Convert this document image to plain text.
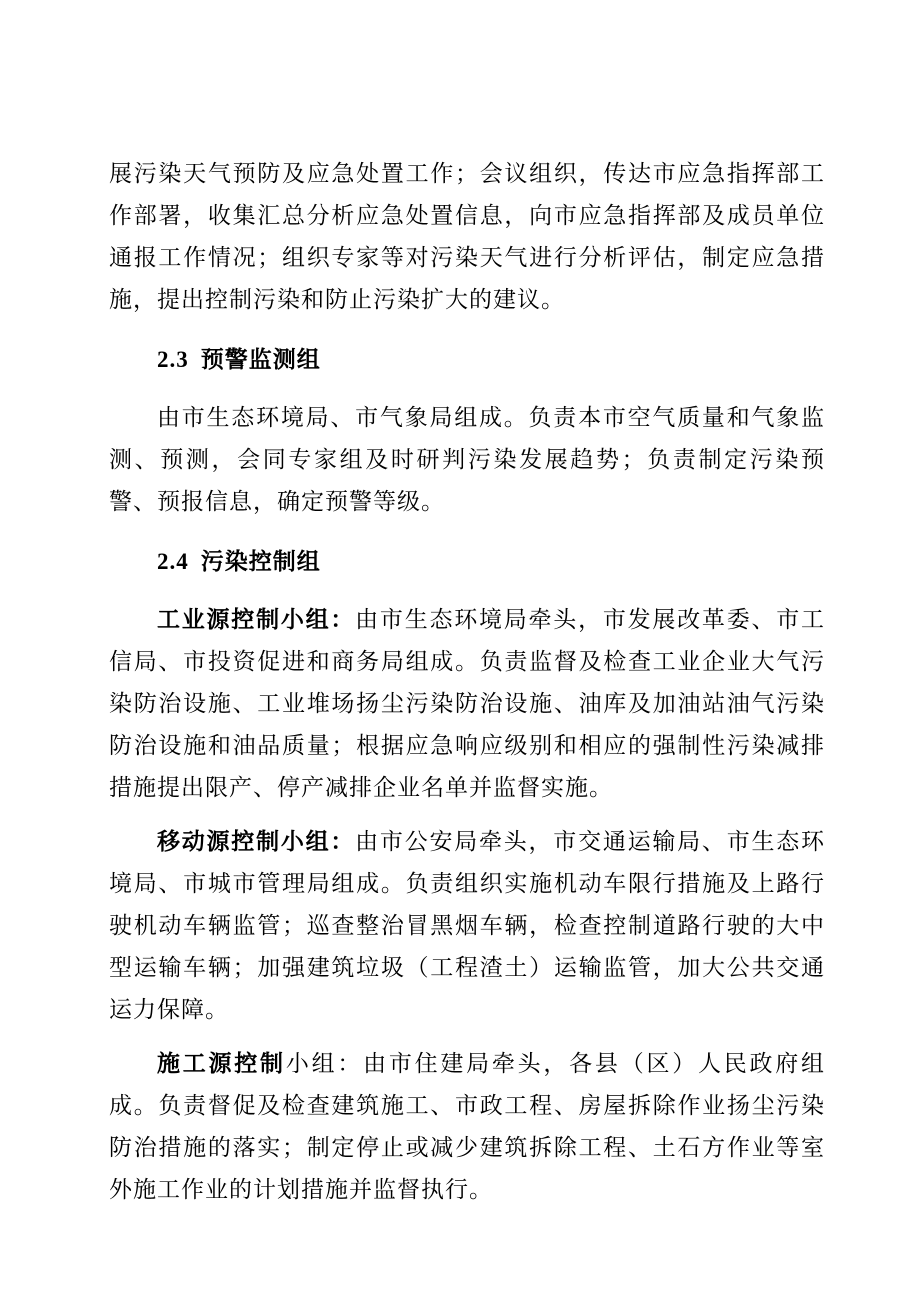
展污染天气预防及应急处置工作；会议组织，传达市应急指挥部工作部署，收集汇总分析应急处置信息，向市应急指挥部及成员单位通报工作情况；组织专家等对污染天气进行分析评估，制定应急措施，提出控制污染和防止污染扩大的建议。

2.3 预警监测组

由市生态环境局、市气象局组成。负责本市空气质量和气象监测、预测，会同专家组及时研判污染发展趋势；负责制定污染预警、预报信息，确定预警等级。

2.4 污染控制组

工业源控制小组：由市生态环境局牵头，市发展改革委、市工信局、市投资促进和商务局组成。负责监督及检查工业企业大气污染防治设施、工业堆场扬尘污染防治设施、油库及加油站油气污染防治设施和油品质量；根据应急响应级别和相应的强制性污染减排措施提出限产、停产减排企业名单并监督实施。

移动源控制小组：由市公安局牵头，市交通运输局、市生态环境局、市城市管理局组成。负责组织实施机动车限行措施及上路行驶机动车辆监管；巡查整治冒黑烟车辆，检查控制道路行驶的大中型运输车辆；加强建筑垃圾（工程渣土）运输监管，加大公共交通运力保障。

施工源控制小组：由市住建局牵头，各县（区）人民政府组成。负责督促及检查建筑施工、市政工程、房屋拆除作业扬尘污染防治措施的落实；制定停止或减少建筑拆除工程、土石方作业等室外施工作业的计划措施并监督执行。
